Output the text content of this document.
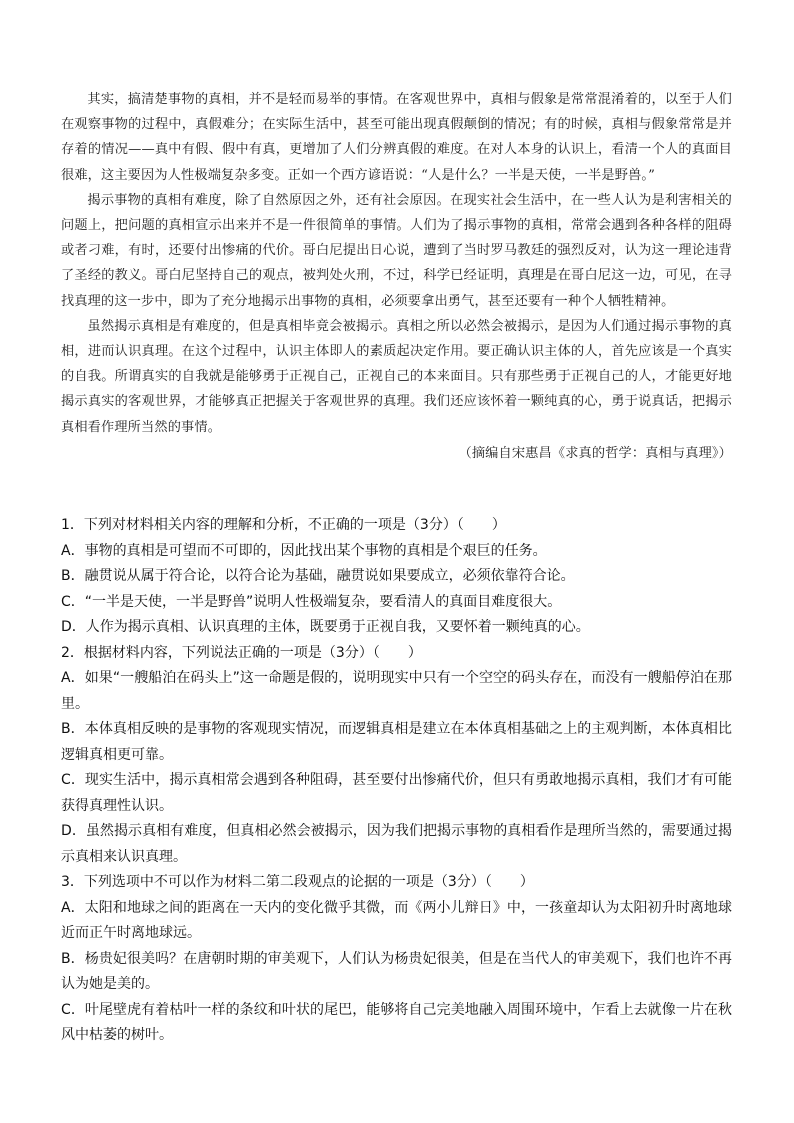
其实，搞清楚事物的真相，并不是轻而易举的事情。在客观世界中，真相与假象是常常混淆着的，以至于人们在观察事物的过程中，真假难分；在实际生活中，甚至可能出现真假颠倒的情况；有的时候，真相与假象常常是并存着的情况——真中有假、假中有真，更增加了人们分辨真假的难度。在对人本身的认识上，看清一个人的真面目很难，这主要因为人性极端复杂多变。正如一个西方谚语说：“人是什么？一半是天使，一半是野兽。”

揭示事物的真相有难度，除了自然原因之外，还有社会原因。在现实社会生活中，在一些人认为是利害相关的问题上，把问题的真相宣示出来并不是一件很简单的事情。人们为了揭示事物的真相，常常会遇到各种各样的阻碍或者刁难，有时，还要付出惨痛的代价。哥白尼提出日心说，遭到了当时罗马教廷的强烈反对，认为这一理论违背了圣经的教义。哥白尼坚持自己的观点，被判处火刑，不过，科学已经证明，真理是在哥白尼这一边，可见，在寻找真理的这一步中，即为了充分地揭示出事物的真相，必须要拿出勇气，甚至还要有一种个人牺牲精神。

虽然揭示真相是有难度的，但是真相毕竟会被揭示。真相之所以必然会被揭示，是因为人们通过揭示事物的真相，进而认识真理。在这个过程中，认识主体即人的素质起决定作用。要正确认识主体的人，首先应该是一个真实的自我。所谓真实的自我就是能够勇于正视自己，正视自己的本来面目。只有那些勇于正视自己的人，才能更好地揭示真实的客观世界，才能够真正把握关于客观世界的真理。我们还应该怀着一颗纯真的心，勇于说真话，把揭示真相看作理所当然的事情。

（摘编自宋惠昌《求真的哲学：真相与真理》）

1．下列对材料相关内容的理解和分析，不正确的一项是（3分）（　　）

A．事物的真相是可望而不可即的，因此找出某个事物的真相是个艰巨的任务。

B．融贯说从属于符合论，以符合论为基础，融贯说如果要成立，必须依靠符合论。

C．“一半是天使，一半是野兽”说明人性极端复杂，要看清人的真面目难度很大。

D．人作为揭示真相、认识真理的主体，既要勇于正视自我，又要怀着一颗纯真的心。

2．根据材料内容，下列说法正确的一项是（3分）（　　）

A．如果“一艘船泊在码头上”这一命题是假的，说明现实中只有一个空空的码头存在，而没有一艘船停泊在那里。

B．本体真相反映的是事物的客观现实情况，而逻辑真相是建立在本体真相基础之上的主观判断，本体真相比逻辑真相更可靠。

C．现实生活中，揭示真相常会遇到各种阻碍，甚至要付出惨痛代价，但只有勇敢地揭示真相，我们才有可能获得真理性认识。

D．虽然揭示真相有难度，但真相必然会被揭示，因为我们把揭示事物的真相看作是理所当然的，需要通过揭示真相来认识真理。

3．下列选项中不可以作为材料二第二段观点的论据的一项是（3分）（　　）

A．太阳和地球之间的距离在一天内的变化微乎其微，而《两小儿辩日》中，一孩童却认为太阳初升时离地球近而正午时离地球远。

B．杨贵妃很美吗？在唐朝时期的审美观下，人们认为杨贵妃很美，但是在当代人的审美观下，我们也许不再认为她是美的。

C．叶尾壁虎有着枯叶一样的条纹和叶状的尾巴，能够将自己完美地融入周围环境中，乍看上去就像一片在秋风中枯萎的树叶。
